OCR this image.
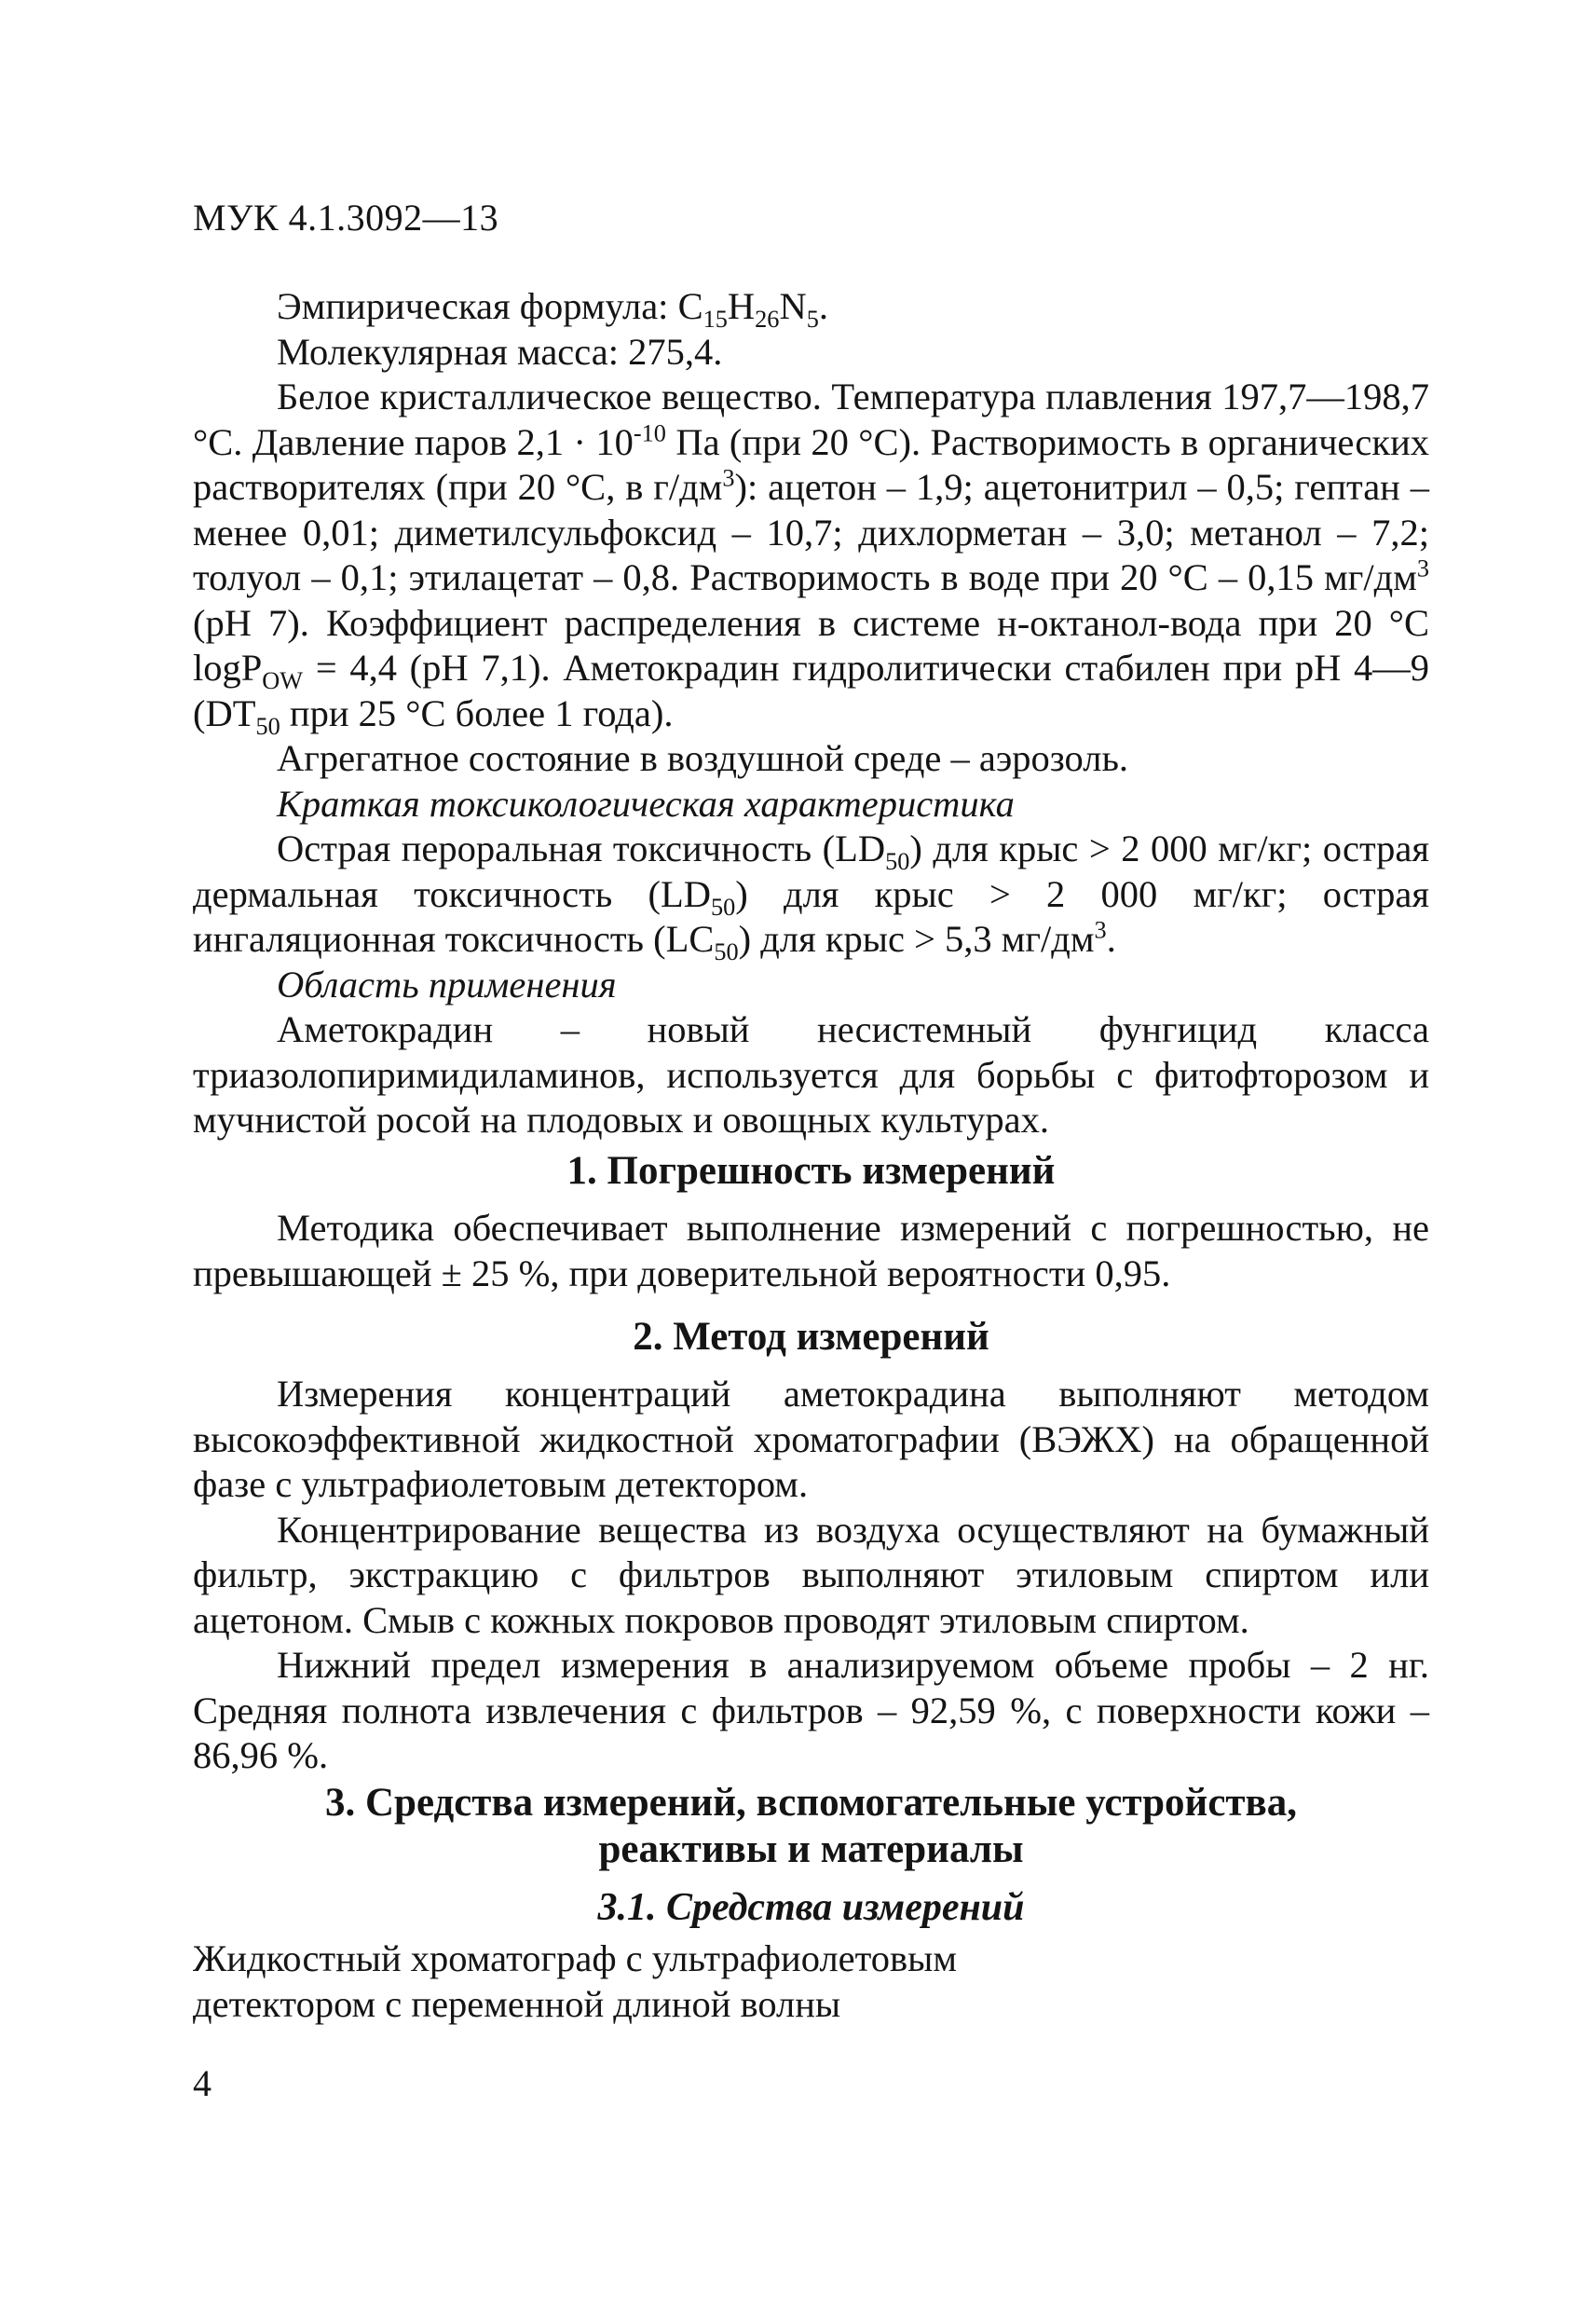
МУК 4.1.3092—13

Эмпирическая формула: $C_{15}H_{26}N_5$.

Молекулярная масса: 275,4.

Белое кристаллическое вещество. Температура плавления 197,7—198,7 °С. Давление паров $2,1 \cdot 10^{-10}$ Па (при 20 °С). Растворимость в органических растворителях (при 20 °С, в $г/дм^3$): ацетон – 1,9; ацетонитрил – 0,5; гептан – менее 0,01; диметилсульфоксид – 10,7; дихлорметан – 3,0; метанол – 7,2; толуол – 0,1; этилацетат – 0,8. Растворимость в воде при 20 °С – 0,15 $мг/дм^3$ (pH 7). Коэффициент распределения в системе н-октанол-вода при 20 °С logP$_{OW}$ = 4,4 (pH 7,1). Аметокрадин гидролитически стабилен при pH 4—9 ($DT_{50}$ при 25 °С более 1 года).

Агрегатное состояние в воздушной среде – аэрозоль.

Краткая токсикологическая характеристика

Острая пероральная токсичность $(LD_{50})$ для крыс > 2 000 мг/кг; острая дермальная токсичность $(LD_{50})$ для крыс > 2 000 мг/кг; острая ингаляционная токсичность $(LC_{50})$ для крыс > 5,3 $мг/дм^3$.

Область применения

Аметокрадин – новый несистемный фунгицид класса триазолопиримидиламинов, используется для борьбы с фитофторозом и мучнистой росой на плодовых и овощных культурах.

1. Погрешность измерений

Методика обеспечивает выполнение измерений с погрешностью, не превышающей ± 25 %, при доверительной вероятности 0,95.

2. Метод измерений

Измерения концентраций аметокрадина выполняют методом высокоэффективной жидкостной хроматографии (ВЭЖХ) на обращенной фазе с ультрафиолетовым детектором.

Концентрирование вещества из воздуха осуществляют на бумажный фильтр, экстракцию с фильтров выполняют этиловым спиртом или ацетоном. Смыв с кожных покровов проводят этиловым спиртом.

Нижний предел измерения в анализируемом объеме пробы – 2 нг. Средняя полнота извлечения с фильтров – 92,59 %, с поверхности кожи – 86,96 %.

3. Средства измерений, вспомогательные устройства,
реактивы и материалы
3.1. Средства измерений

Жидкостный хроматограф с ультрафиолетовым

детектором с переменной длиной волны

4
